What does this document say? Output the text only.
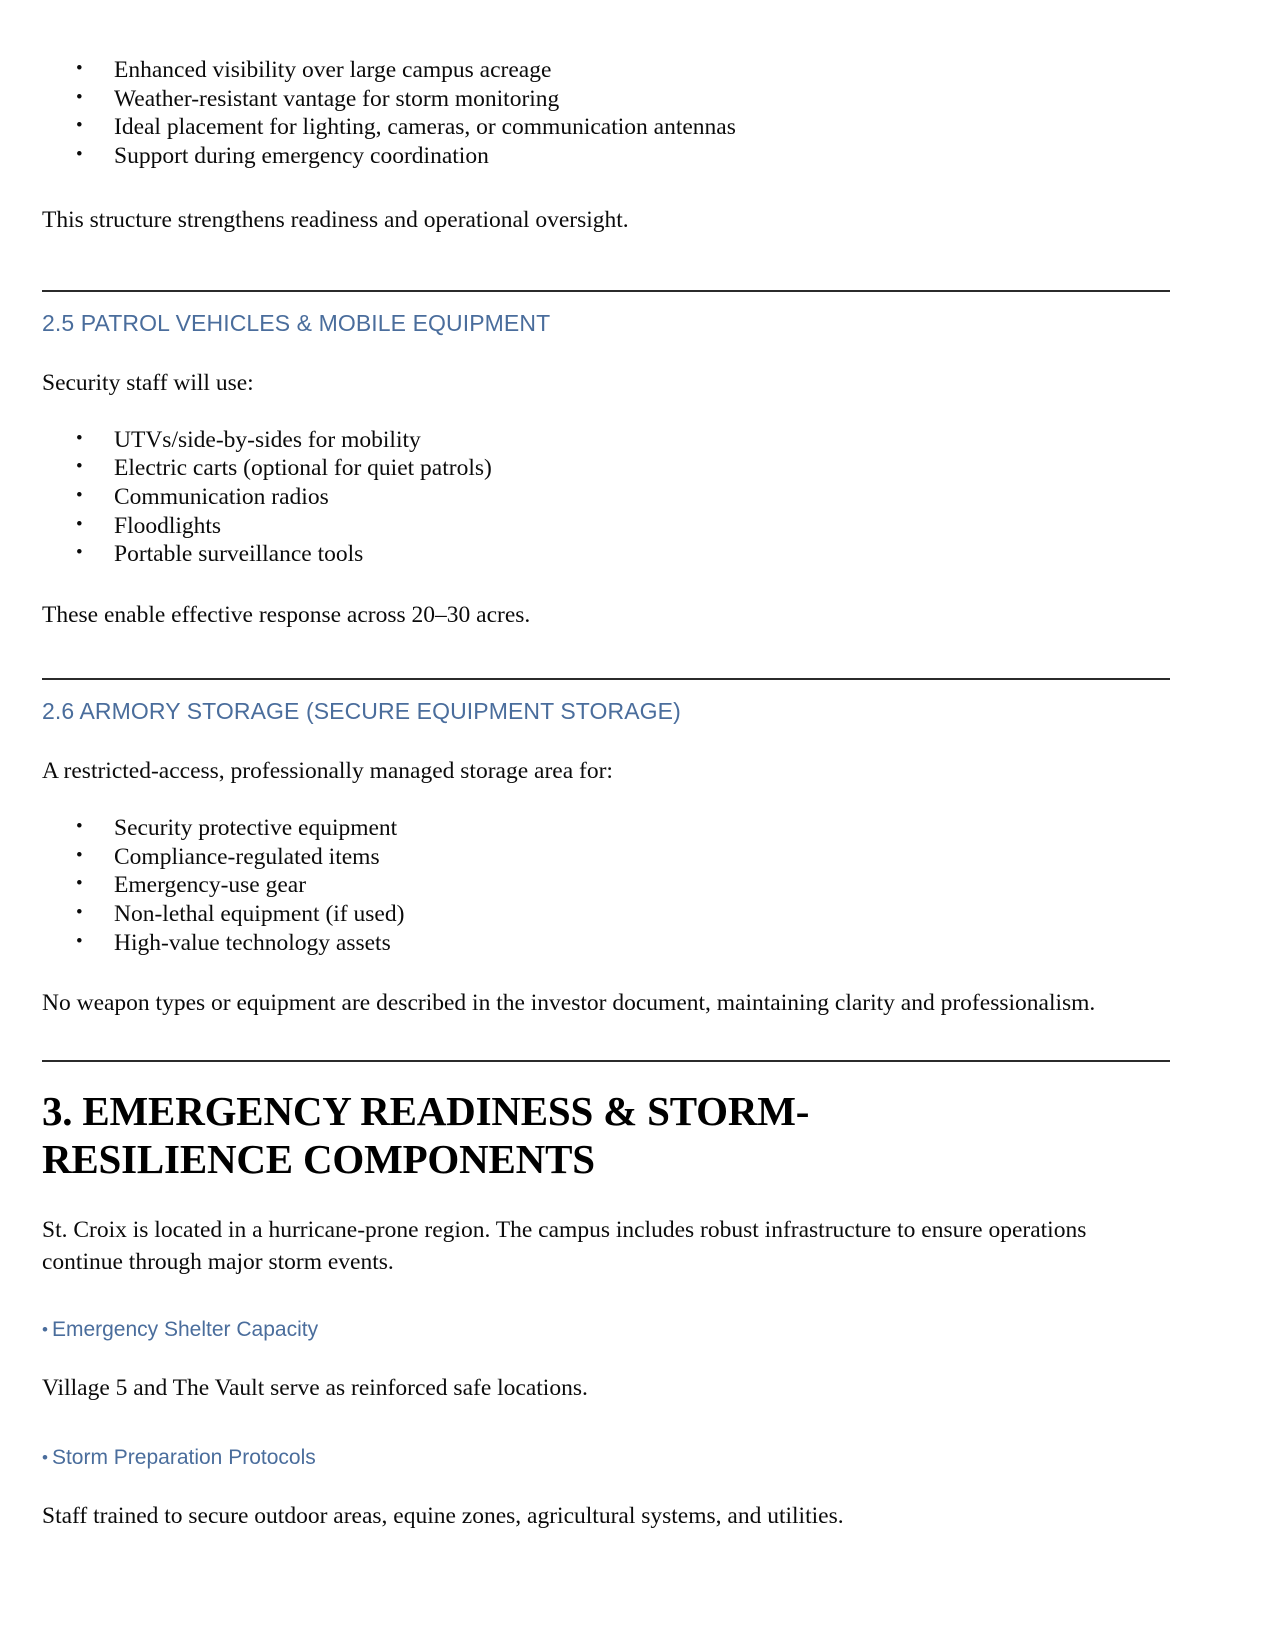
• Enhanced visibility over large campus acreage
• Weather-resistant vantage for storm monitoring
• Ideal placement for lighting, cameras, or communication antennas
• Support during emergency coordination

This structure strengthens readiness and operational oversight.

2.5 PATROL VEHICLES & MOBILE EQUIPMENT

Security staff will use:

• UTVs/side-by-sides for mobility
• Electric carts (optional for quiet patrols)
• Communication radios
• Floodlights
• Portable surveillance tools

These enable effective response across 20–30 acres.

2.6 ARMORY STORAGE (SECURE EQUIPMENT STORAGE)

A restricted-access, professionally managed storage area for:

• Security protective equipment
• Compliance-regulated items
• Emergency-use gear
• Non-lethal equipment (if used)
• High-value technology assets

No weapon types or equipment are described in the investor document, maintaining clarity and professionalism.

3. EMERGENCY READINESS & STORM-RESILIENCE COMPONENTS

St. Croix is located in a hurricane-prone region. The campus includes robust infrastructure to ensure operations continue through major storm events.

• Emergency Shelter Capacity

Village 5 and The Vault serve as reinforced safe locations.

• Storm Preparation Protocols

Staff trained to secure outdoor areas, equine zones, agricultural systems, and utilities.
